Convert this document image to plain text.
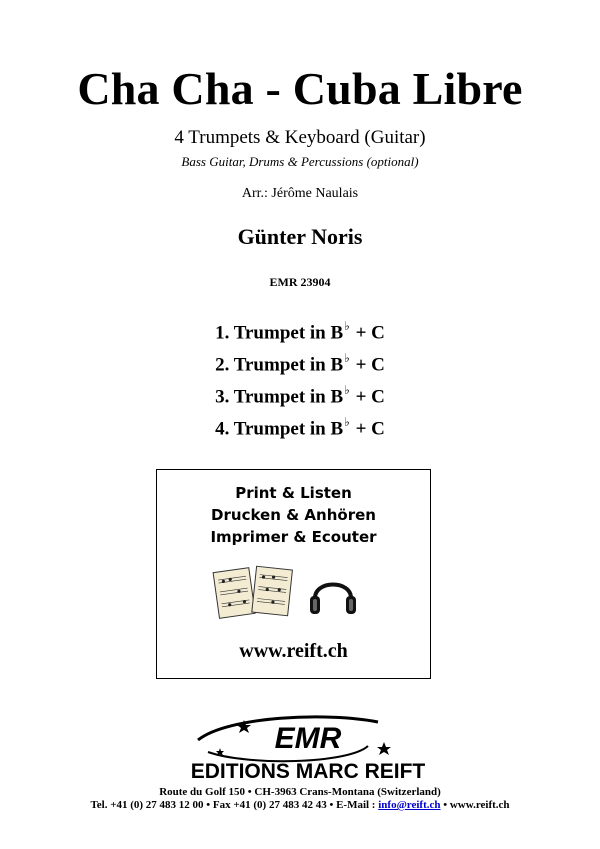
Cha Cha - Cuba Libre
4 Trumpets & Keyboard (Guitar)
Bass Guitar, Drums & Percussions (optional)
Arr.: Jérôme Naulais
Günter Noris
EMR 23904
1. Trumpet in B♭ + C
2. Trumpet in B♭ + C
3. Trumpet in B♭ + C
4. Trumpet in B♭ + C
Print & Listen
Drucken & Anhören
Imprimer & Ecouter
www.reift.ch
EMR
EDITIONS MARC REIFT
Route du Golf 150 • CH-3963 Crans-Montana (Switzerland)
Tel. +41 (0) 27 483 12 00 • Fax +41 (0) 27 483 42 43 • E-Mail : info@reift.ch • www.reift.ch
